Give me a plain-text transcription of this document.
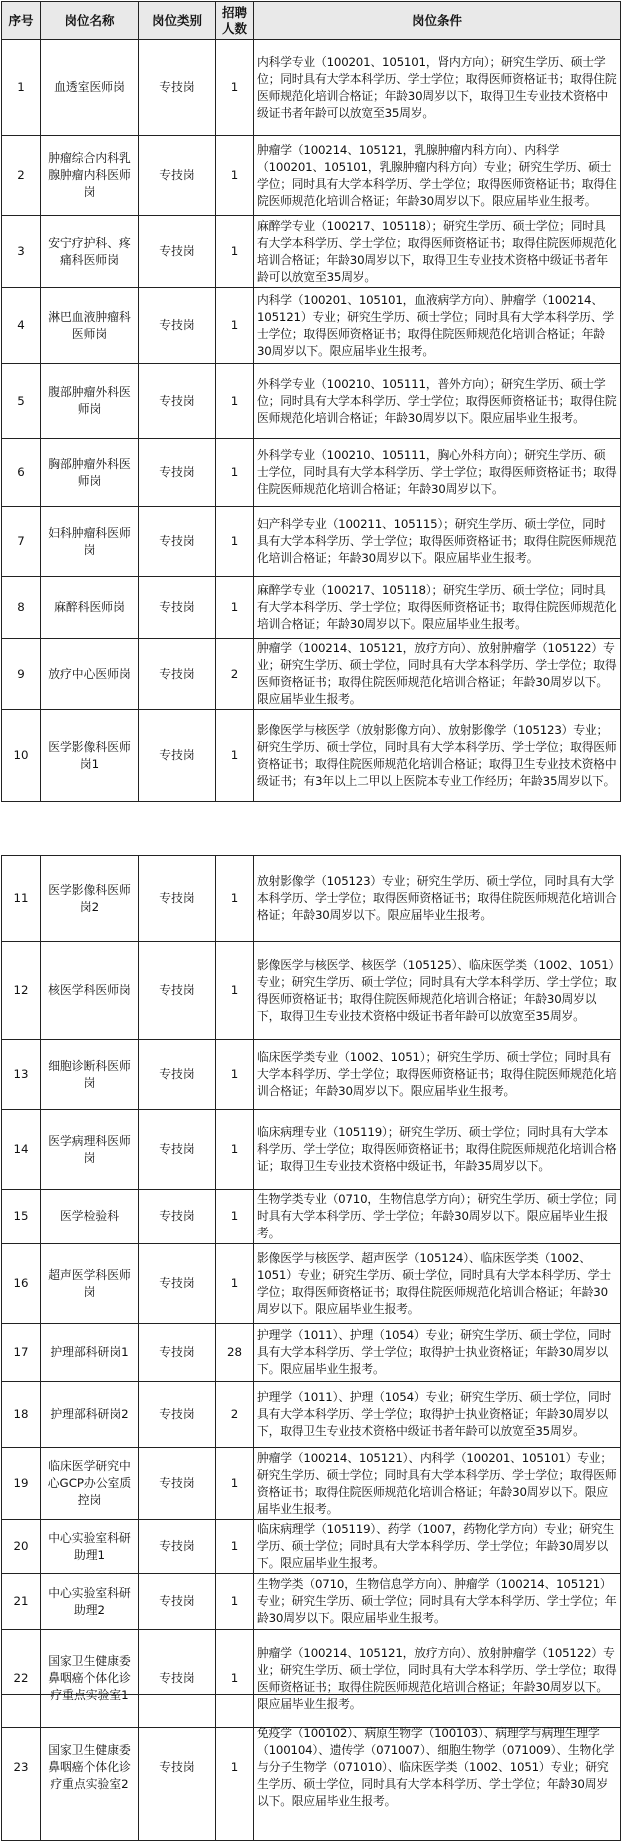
序号	岗位名称	岗位类别	招聘人数	岗位条件
1	血透室医师岗	专技岗	1	内科学专业（100201、105101，肾内方向）；研究生学历、硕士学位；同时具有大学本科学历、学士学位；取得医师资格证书；取得住院医师规范化培训合格证；年龄30周岁以下，取得卫生专业技术资格中级证书者年龄可以放宽至35周岁。
2	肿瘤综合内科乳腺肿瘤内科医师岗	专技岗	1	肿瘤学（100214、105121，乳腺肿瘤内科方向）、内科学（100201、105101，乳腺肿瘤内科方向）专业；研究生学历、硕士学位；同时具有大学本科学历、学士学位；取得医师资格证书；取得住院医师规范化培训合格证；年龄30周岁以下。限应届毕业生报考。
3	安宁疗护科、疼痛科医师岗	专技岗	1	麻醉学专业（100217、105118）；研究生学历、硕士学位；同时具有大学本科学历、学士学位；取得医师资格证书；取得住院医师规范化培训合格证；年龄30周岁以下，取得卫生专业技术资格中级证书者年龄可以放宽至35周岁。
4	淋巴血液肿瘤科医师岗	专技岗	1	内科学（100201、105101，血液病学方向）、肿瘤学（100214、105121）专业；研究生学历、硕士学位；同时具有大学本科学历、学士学位；取得医师资格证书；取得住院医师规范化培训合格证；年龄30周岁以下。限应届毕业生报考。
5	腹部肿瘤外科医师岗	专技岗	1	外科学专业（100210、105111，普外方向）；研究生学历、硕士学位；同时具有大学本科学历、学士学位；取得医师资格证书；取得住院医师规范化培训合格证；年龄30周岁以下。限应届毕业生报考。
6	胸部肿瘤外科医师岗	专技岗	1	外科学专业（100210、105111，胸心外科方向）；研究生学历、硕士学位，同时具有大学本科学历、学士学位；取得医师资格证书；取得住院医师规范化培训合格证；年龄30周岁以下。
7	妇科肿瘤科医师岗	专技岗	1	妇产科学专业（100211、105115）；研究生学历、硕士学位，同时具有大学本科学历、学士学位；取得医师资格证书；取得住院医师规范化培训合格证；年龄30周岁以下。限应届毕业生报考。
8	麻醉科医师岗	专技岗	1	麻醉学专业（100217、105118）；研究生学历、硕士学位；同时具有大学本科学历、学士学位；取得医师资格证书；取得住院医师规范化培训合格证；年龄30周岁以下。限应届毕业生报考。
9	放疗中心医师岗	专技岗	2	肿瘤学（100214、105121，放疗方向）、放射肿瘤学（105122）专业；研究生学历、硕士学位，同时具有大学本科学历、学士学位；取得医师资格证书；取得住院医师规范化培训合格证；年龄30周岁以下。限应届毕业生报考。
10	医学影像科医师岗1	专技岗	1	影像医学与核医学（放射影像方向）、放射影像学（105123）专业；研究生学历、硕士学位，同时具有大学本科学历、学士学位；取得医师资格证书；取得住院医师规范化培训合格证；取得卫生专业技术资格中级证书；有3年以上二甲以上医院本专业工作经历；年龄35周岁以下。
11	医学影像科医师岗2	专技岗	1	放射影像学（105123）专业；研究生学历、硕士学位，同时具有大学本科学历、学士学位；取得医师资格证书；取得住院医师规范化培训合格证；年龄30周岁以下。限应届毕业生报考。
12	核医学科医师岗	专技岗	1	影像医学与核医学、核医学（105125）、临床医学类（1002、1051）专业；研究生学历、硕士学位；同时具有大学本科学历、学士学位；取得医师资格证书；取得住院医师规范化培训合格证；年龄30周岁以下，取得卫生专业技术资格中级证书者年龄可以放宽至35周岁。
13	细胞诊断科医师岗	专技岗	1	临床医学类专业（1002、1051）；研究生学历、硕士学位；同时具有大学本科学历、学士学位；取得医师资格证书；取得住院医师规范化培训合格证；年龄30周岁以下。限应届毕业生报考。
14	医学病理科医师岗	专技岗	1	临床病理专业（105119）；研究生学历、硕士学位；同时具有大学本科学历、学士学位；取得医师资格证书；取得住院医师规范化培训合格证；取得卫生专业技术资格中级证书，年龄35周岁以下。
15	医学检验科	专技岗	1	生物学类专业（0710，生物信息学方向）；研究生学历、硕士学位；同时具有大学本科学历、学士学位；年龄30周岁以下。限应届毕业生报考。
16	超声医学科医师岗	专技岗	1	影像医学与核医学、超声医学（105124）、临床医学类（1002、1051）专业；研究生学历、硕士学位，同时具有大学本科学历、学士学位；取得医师资格证书；取得住院医师规范化培训合格证；年龄30周岁以下。限应届毕业生报考。
17	护理部科研岗1	专技岗	28	护理学（1011）、护理（1054）专业；研究生学历、硕士学位，同时具有大学本科学历、学士学位；取得护士执业资格证；年龄30周岁以下。限应届毕业生报考。
18	护理部科研岗2	专技岗	2	护理学（1011）、护理（1054）专业；研究生学历、硕士学位，同时具有大学本科学历、学士学位；取得护士执业资格证；年龄30周岁以下，取得卫生专业技术资格中级证书者年龄可以放宽至35周岁。
19	临床医学研究中心GCP办公室质控岗	专技岗	1	肿瘤学（100214、105121）、内科学（100201、105101）专业；研究生学历、硕士学位；同时具有大学本科学历、学士学位；取得医师资格证书；取得住院医师规范化培训合格证；年龄30周岁以下。限应届毕业生报考。
20	中心实验室科研助理1	专技岗	1	临床病理学（105119）、药学（1007，药物化学方向）专业；研究生学历、硕士学位；同时具有大学本科学历、学士学位；年龄30周岁以下。限应届毕业生报考。
21	中心实验室科研助理2	专技岗	1	生物学类（0710，生物信息学方向）、肿瘤学（100214、105121）专业；研究生学历、硕士学位；同时具有大学本科学历、学士学位；年龄30周岁以下。限应届毕业生报考。
22	国家卫生健康委鼻咽癌个体化诊疗重点实验室1	专技岗	1	肿瘤学（100214、105121，放疗方向）、放射肿瘤学（105122）专业；研究生学历、硕士学位，同时具有大学本科学历、学士学位；取得医师资格证书；取得住院医师规范化培训合格证；年龄30周岁以下。限应届毕业生报考。
23	国家卫生健康委鼻咽癌个体化诊疗重点实验室2	专技岗	1	免疫学（100102）、病原生物学（100103）、病理学与病理生理学（100104）、遗传学（071007）、细胞生物学（071009）、生物化学与分子生物学（071010）、临床医学类（1002、1051）专业；研究生学历、硕士学位，同时具有大学本科学历、学士学位；年龄30周岁以下。限应届毕业生报考。
